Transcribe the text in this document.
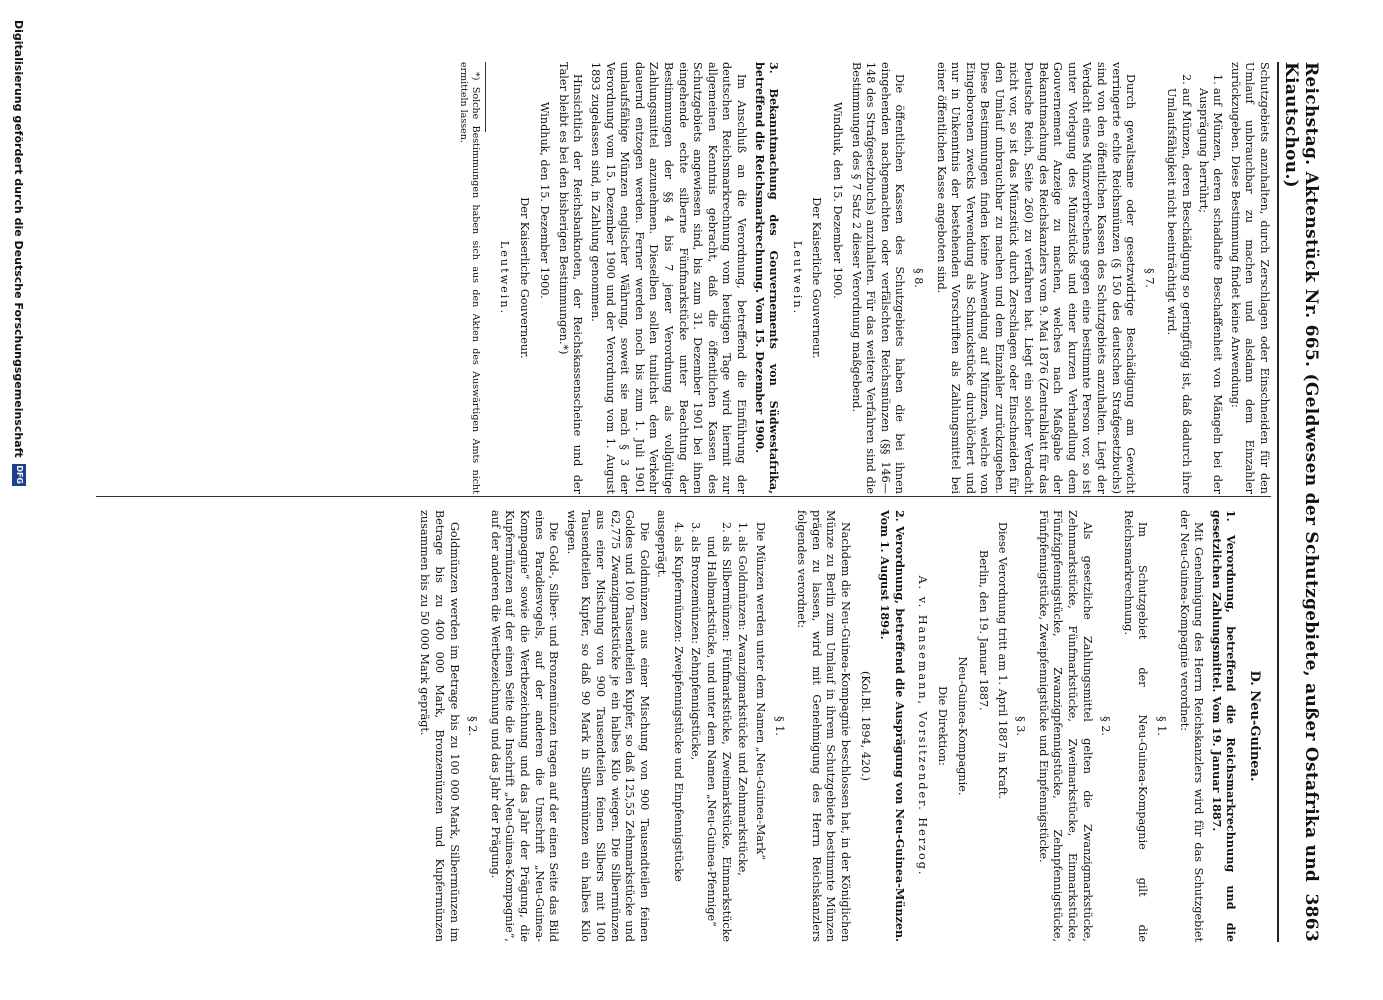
Reichstag. Aktenstück Nr. 665. (Geldwesen der Schutzgebiete, außer Ostafrika und Kiautschou.)
3863

Schutzgebiets anzuhalten, durch Zerschlagen oder Einschneiden für den Umlauf unbrauchbar zu machen und alsdann dem Einzahler zurückzugeben. Diese Bestimmung findet keine Anwendung:

1.
auf Münzen, deren schadhafte Beschaffenheit von Mängeln bei der Ausprägung herrührt;

2.
auf Münzen, deren Beschädigung so geringfügig ist, daß dadurch ihre Umlaufsfähigkeit nicht beeinträchtigt wird.

§ 7.

Durch gewaltsame oder gesetzwidrige Beschädigung am Gewicht verringerte echte Reichsmünzen (§ 150 des deutschen Strafgesetzbuchs) sind von den öffentlichen Kassen des Schutzgebiets anzuhalten. Liegt der Verdacht eines Münzverbrechens gegen eine bestimmte Person vor, so ist unter Vorlegung des Münzstücks und einer kurzen Verhandlung dem Gouvernement Anzeige zu machen, welches nach Maßgabe der Bekanntmachung des Reichskanzlers vom 9. Mai 1876 (Zentralblatt für das Deutsche Reich, Seite 260) zu verfahren hat. Liegt ein solcher Verdacht nicht vor, so ist das Münzstück durch Zerschlagen oder Einschneiden für den Umlauf unbrauchbar zu machen und dem Einzahler zurückzugeben. Diese Bestimmungen finden keine Anwendung auf Münzen, welche von Eingeborenen zwecks Verwendung als Schmuckstücke durchlöchert und nur in Unkenntnis der bestehenden Vorschriften als Zahlungsmittel bei einer öffentlichen Kasse angeboten sind.

§ 8.

Die öffentlichen Kassen des Schutzgebiets haben die bei ihnen eingehenden nachgemachten oder verfälschten Reichsmünzen (§§ 146—148 des Strafgesetzbuchs) anzuhalten. Für das weitere Verfahren sind die Bestimmungen des § 7 Satz 2 dieser Verordnung maßgebend.

Windhuk, den 15. Dezember 1900.

Der Kaiserliche Gouverneur.
Leutwein.

3. Bekanntmachung des Gouvernements von Südwestafrika, betreffend die Reichsmarkrechnung. Vom 15. Dezember 1900.

Im Anschluß an die Verordnung, betreffend die Einführung der deutschen Reichsmarkrechnung vom heutigen Tage wird hiermit zur allgemeinen Kenntnis gebracht, daß die öffentlichen Kassen des Schutzgebiets angewiesen sind, bis zum 31. Dezember 1901 bei ihnen eingehende echte silberne Fünfmarkstücke unter Beachtung der Bestimmungen der §§ 4 bis 7 jener Verordnung als vollgültige Zahlungsmittel anzunehmen. Dieselben sollen tunlichst dem Verkehr dauernd entzogen werden. Ferner werden noch bis zum 1. Juli 1901 umlaufsfähige Münzen englischer Währung, soweit sie nach § 3 der Verordnung vom 15. Dezember 1900 und der Verordnung vom 1. August 1893 zugelassen sind, in Zahlung genommen.

Hinsichtlich der Reichsbanknoten, der Reichskassenscheine und der Taler bleibt es bei den bisherigen Bestimmungen.*)

Windhuk, den 15. Dezember 1900.

Der Kaiserliche Gouverneur.
Leutwein.

*) Solche Bestimmungen haben sich aus den Akten des Auswärtigen Amts nicht ermitteln lassen.

D. Neu-Guinea.

1. Verordnung, betreffend die Reichsmarkrechnung und die gesetzlichen Zahlungsmittel. Vom 19. Januar 1887.

Mit Genehmigung des Herrn Reichskanzlers wird für das Schutzgebiet der Neu-Guinea-Kompagnie verordnet:

§ 1.

Im Schutzgebiet der Neu-Guinea-Kompagnie gilt die Reichsmarkrechnung.

§ 2.

Als gesetzliche Zahlungsmittel gelten die Zwanzigmarkstücke, Zehnmarkstücke, Fünfmarkstücke, Zweimarkstücke, Einmarkstücke, Fünfzigpfennigstücke, Zwanzigpfennigstücke, Zehnpfennigstücke, Fünfpfennigstücke, Zweipfennigstücke und Einpfennigstücke.

§ 3.

Diese Verordnung tritt am 1. April 1887 in Kraft.

Berlin, den 19. Januar 1887.

Neu-Guinea-Kompagnie.
Die Direktion:
A. v. Hansemann, Vorsitzender. Herzog.

2. Verordnung, betreffend die Ausprägung von Neu-Guinea-Münzen. Vom 1. August 1894.

(Kol.Bl. 1894, 420.)

Nachdem die Neu-Guinea-Kompagnie beschlossen hat, in der Königlichen Münze zu Berlin zum Umlauf in ihrem Schutzgebiete bestimmte Münzen prägen zu lassen, wird mit Genehmigung des Herrn Reichskanzlers folgendes verordnet:

§ 1.

Die Münzen werden unter dem Namen „Neu-Guinea-Mark“

1.
als Goldmünzen: Zwanzigmarkstücke und Zehnmarkstücke,

2.
als Silbermünzen: Fünfmarkstücke, Zweimarkstücke, Einmarkstücke und Halbmarkstücke, und unter dem Namen „Neu-Guinea-Pfennige“

3.
als Bronzemünzen: Zehnpfennigstücke,

4.
als Kupfermünzen: Zweipfennigstücke und Einpfennigstücke

ausgeprägt.

Die Goldmünzen aus einer Mischung von 900 Tausendteilen feinen Goldes und 100 Tausendteilen Kupfer, so daß 125,55 Zehnmarkstücke und 62,775 Zwanzigmarkstücke je ein halbes Kilo wiegen. Die Silbermünzen aus einer Mischung von 900 Tausendteilen feinen Silbers mit 100 Tausendteilen Kupfer, so daß 90 Mark in Silbermünzen ein halbes Kilo wiegen.

Die Gold-, Silber- und Bronzemünzen tragen auf der einen Seite das Bild eines Paradiesvogels, auf der anderen die Umschrift „Neu-Guinea-Kompagnie“ sowie die Wertbezeichnung und das Jahr der Prägung, die Kupfermünzen auf der einen Seite die Inschrift „Neu-Guinea-Kompagnie“, auf der anderen die Wertbezeichnung und das Jahr der Prägung.

§ 2.

Goldmünzen werden im Betrage bis zu 100 000 Mark, Silbermünzen im Betrage bis zu 400 000 Mark, Bronzemünzen und Kupfermünzen zusammen bis zu 50 000 Mark geprägt.

Digitalisierung gefördert durch die Deutsche Forschungsgemeinschaft
DFG
